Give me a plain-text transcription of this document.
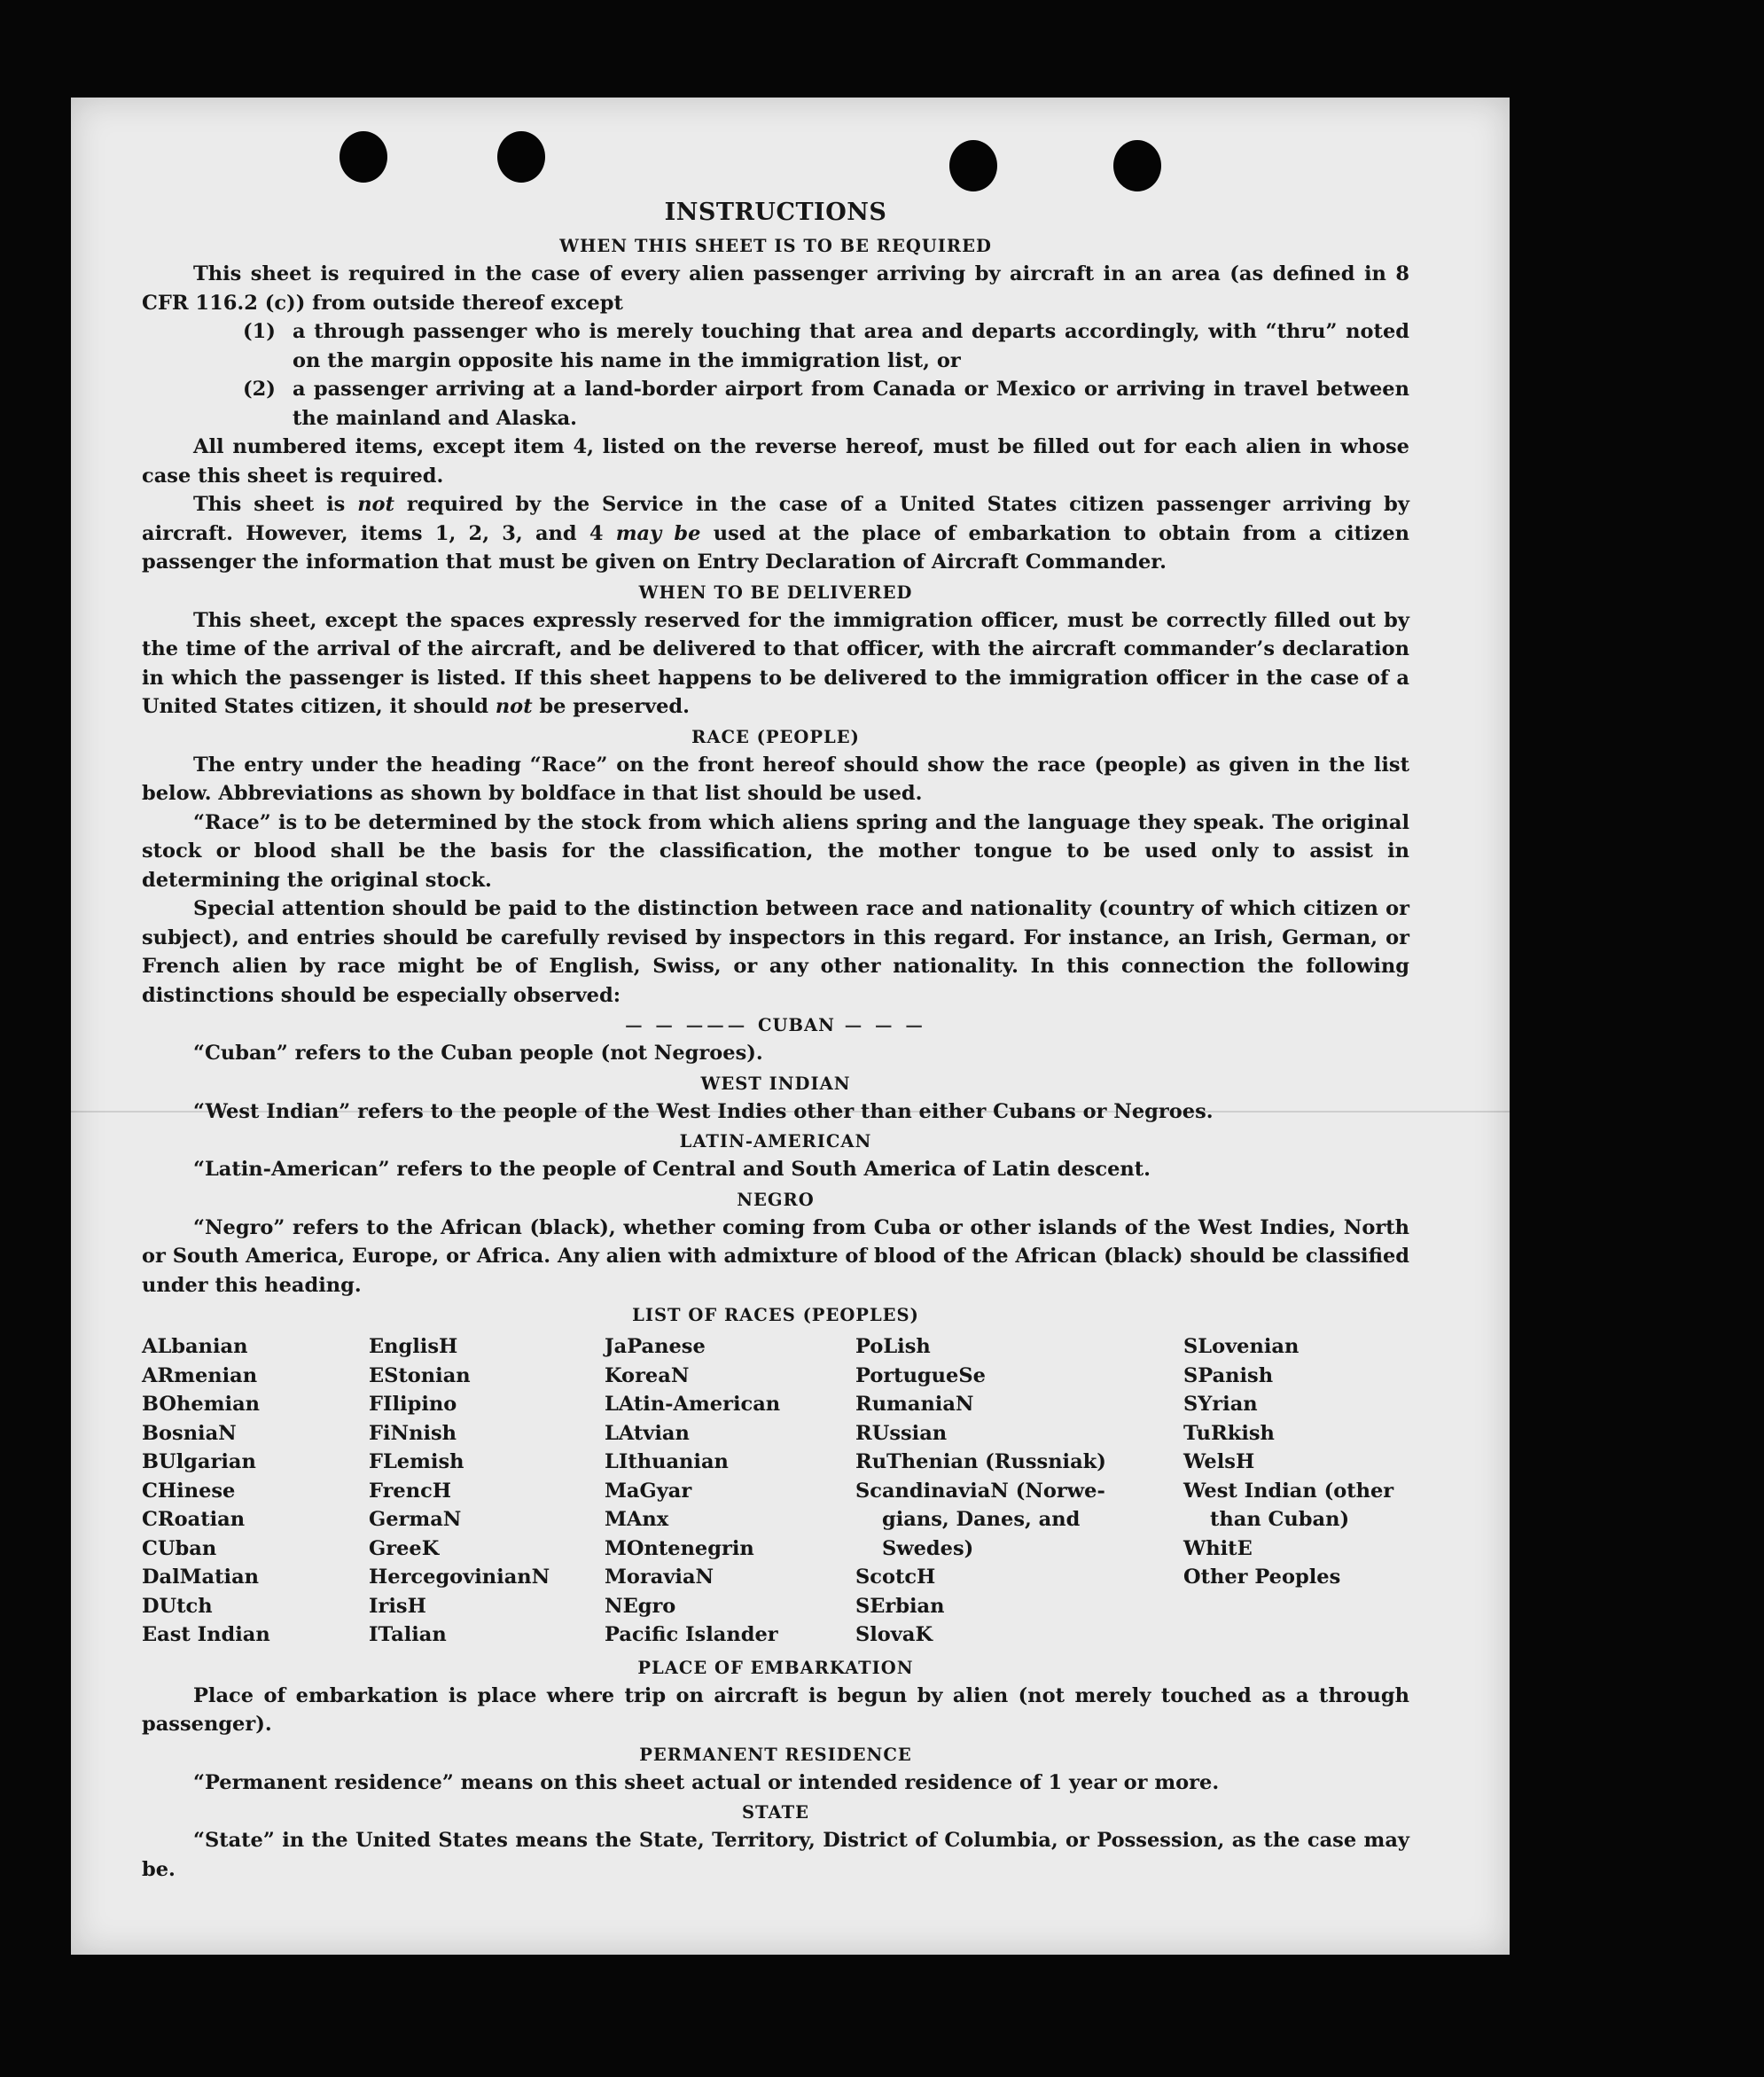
INSTRUCTIONS
WHEN THIS SHEET IS TO BE REQUIRED

This sheet is required in the case of every alien passenger arriving by aircraft in an area (as defined in 8 CFR 116.2 (c)) from outside thereof except

(1) a through passenger who is merely touching that area and departs accordingly, with “thru” noted on the margin opposite his name in the immigration list, or
(2) a passenger arriving at a land-border airport from Canada or Mexico or arriving in travel between the mainland and Alaska.

All numbered items, except item 4, listed on the reverse hereof, must be filled out for each alien in whose case this sheet is required.

This sheet is not required by the Service in the case of a United States citizen passenger arriving by aircraft. However, items 1, 2, 3, and 4 may be used at the place of embarkation to obtain from a citizen passenger the information that must be given on Entry Declaration of Aircraft Commander.

WHEN TO BE DELIVERED

This sheet, except the spaces expressly reserved for the immigration officer, must be correctly filled out by the time of the arrival of the aircraft, and be delivered to that officer, with the aircraft commander’s declaration in which the passenger is listed. If this sheet happens to be delivered to the immigration officer in the case of a United States citizen, it should not be preserved.

RACE (PEOPLE)

The entry under the heading “Race” on the front hereof should show the race (people) as given in the list below. Abbreviations as shown by boldface in that list should be used.

“Race” is to be determined by the stock from which aliens spring and the language they speak. The original stock or blood shall be the basis for the classification, the mother tongue to be used only to assist in determining the original stock.

Special attention should be paid to the distinction between race and nationality (country of which citizen or subject), and entries should be carefully revised by inspectors in this regard. For instance, an Irish, German, or French alien by race might be of English, Swiss, or any other nationality. In this connection the following distinctions should be especially observed:

— — ——— CUBAN — — —

“Cuban” refers to the Cuban people (not Negroes).

WEST INDIAN

“West Indian” refers to the people of the West Indies other than either Cubans or Negroes.

LATIN-AMERICAN

“Latin-American” refers to the people of Central and South America of Latin descent.

NEGRO

“Negro” refers to the African (black), whether coming from Cuba or other islands of the West Indies, North or South America, Europe, or Africa. Any alien with admixture of blood of the African (black) should be classified under this heading.

LIST OF RACES (PEOPLES)
ALbanian
ARmenian
BOhemian
BosniaN
BUlgarian
CHinese
CRoatian
CUban
DalMatian
DUtch
East Indian
EnglisH
EStonian
FIlipino
FiNnish
FLemish
FrencH
GermaN
GreeK
HercegovinianN
IrisH
ITalian
JaPanese
KoreaN
LAtin-American
LAtvian
LIthuanian
MaGyar
MAnx
MOntenegrin
MoraviaN
NEgro
Pacific Islander
PoLish
PortugueSe
RumaniaN
RUssian
RuThenian (Russniak)
ScandinaviaN (Norwe-
gians, Danes, and
Swedes)
ScotcH
SErbian
SlovaK
SLovenian
SPanish
SYrian
TuRkish
WelsH
West Indian (other
than Cuban)
WhitE
Other Peoples
PLACE OF EMBARKATION

Place of embarkation is place where trip on aircraft is begun by alien (not merely touched as a through passenger).

PERMANENT RESIDENCE

“Permanent residence” means on this sheet actual or intended residence of 1 year or more.

STATE

“State” in the United States means the State, Territory, District of Columbia, or Possession, as the case may be.
